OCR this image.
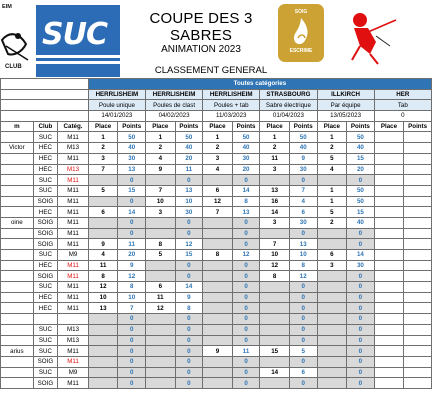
EIM
CLUB
SUC	COUPE DES 3 SABRES
ANIMATION 2023
CLASSEMENT GENERAL
SOIG
ESCRIME
			Toutes catégories											
			HERRLISHEIM		HERRLISHEIM		HERRLISHEIM		STRASBOURG		ILLKIRCH		HER	
			Poule unique		Poules de clast		Poules + tab		Sabre électrique		Par équipe		Tab	
			14/01/2023		04/02/2023		11/03/2023		01/04/2023		13/05/2023		0	
m	Club	Catég.	Place	Points	Place	Points	Place	Points	Place	Points	Place	Points	Place	Points
	SUC	M11	1	50	1	50	1	50	1	50	1	50		
Victor	HEC	M13	2	40	2	40	2	40	2	40	2	40		
	HEC	M11	3	30	4	20	3	30	11	9	5	15		
	HEC	M13	7	13	9	11	4	20	3	30	4	20		
	SUC	M11		0		0		0		0		0		
	SUC	M11	5	15	7	13	6	14	13	7	1	50		
	SOIG	M11		0	10	10	12	8	16	4	1	50		
	HEC	M11	6	14	3	30	7	13	14	6	5	15		
oine	SOIG	M11		0		0		0	3	30	2	40		
	SOIG	M11		0		0		0		0		0		
	SOIG	M11	9	11	8	12		0	7	13		0		
	SUC	M9	4	20	5	15	8	12	10	10	6	14		
	HEC	M11	11	9		0		0	12	8	3	30		
	SOIG	M11	8	12		0		0	8	12		0		
	SUC	M11	12	8	6	14		0		0		0		
	HEC	M11	10	10	11	9		0		0		0		
	HEC	M11	13	7	12	8		0		0		0		
				0		0		0		0		0		
	SUC	M13		0		0		0		0		0		
	SUC	M13		0		0		0		0		0		
arius	SUC	M11		0		0	9	11	15	5		0		
	SOIG	M11		0		0		0		0		0		
	SUC	M9		0		0		0	14	6		0		
	SOIG	M11		0		0		0		0		0		
